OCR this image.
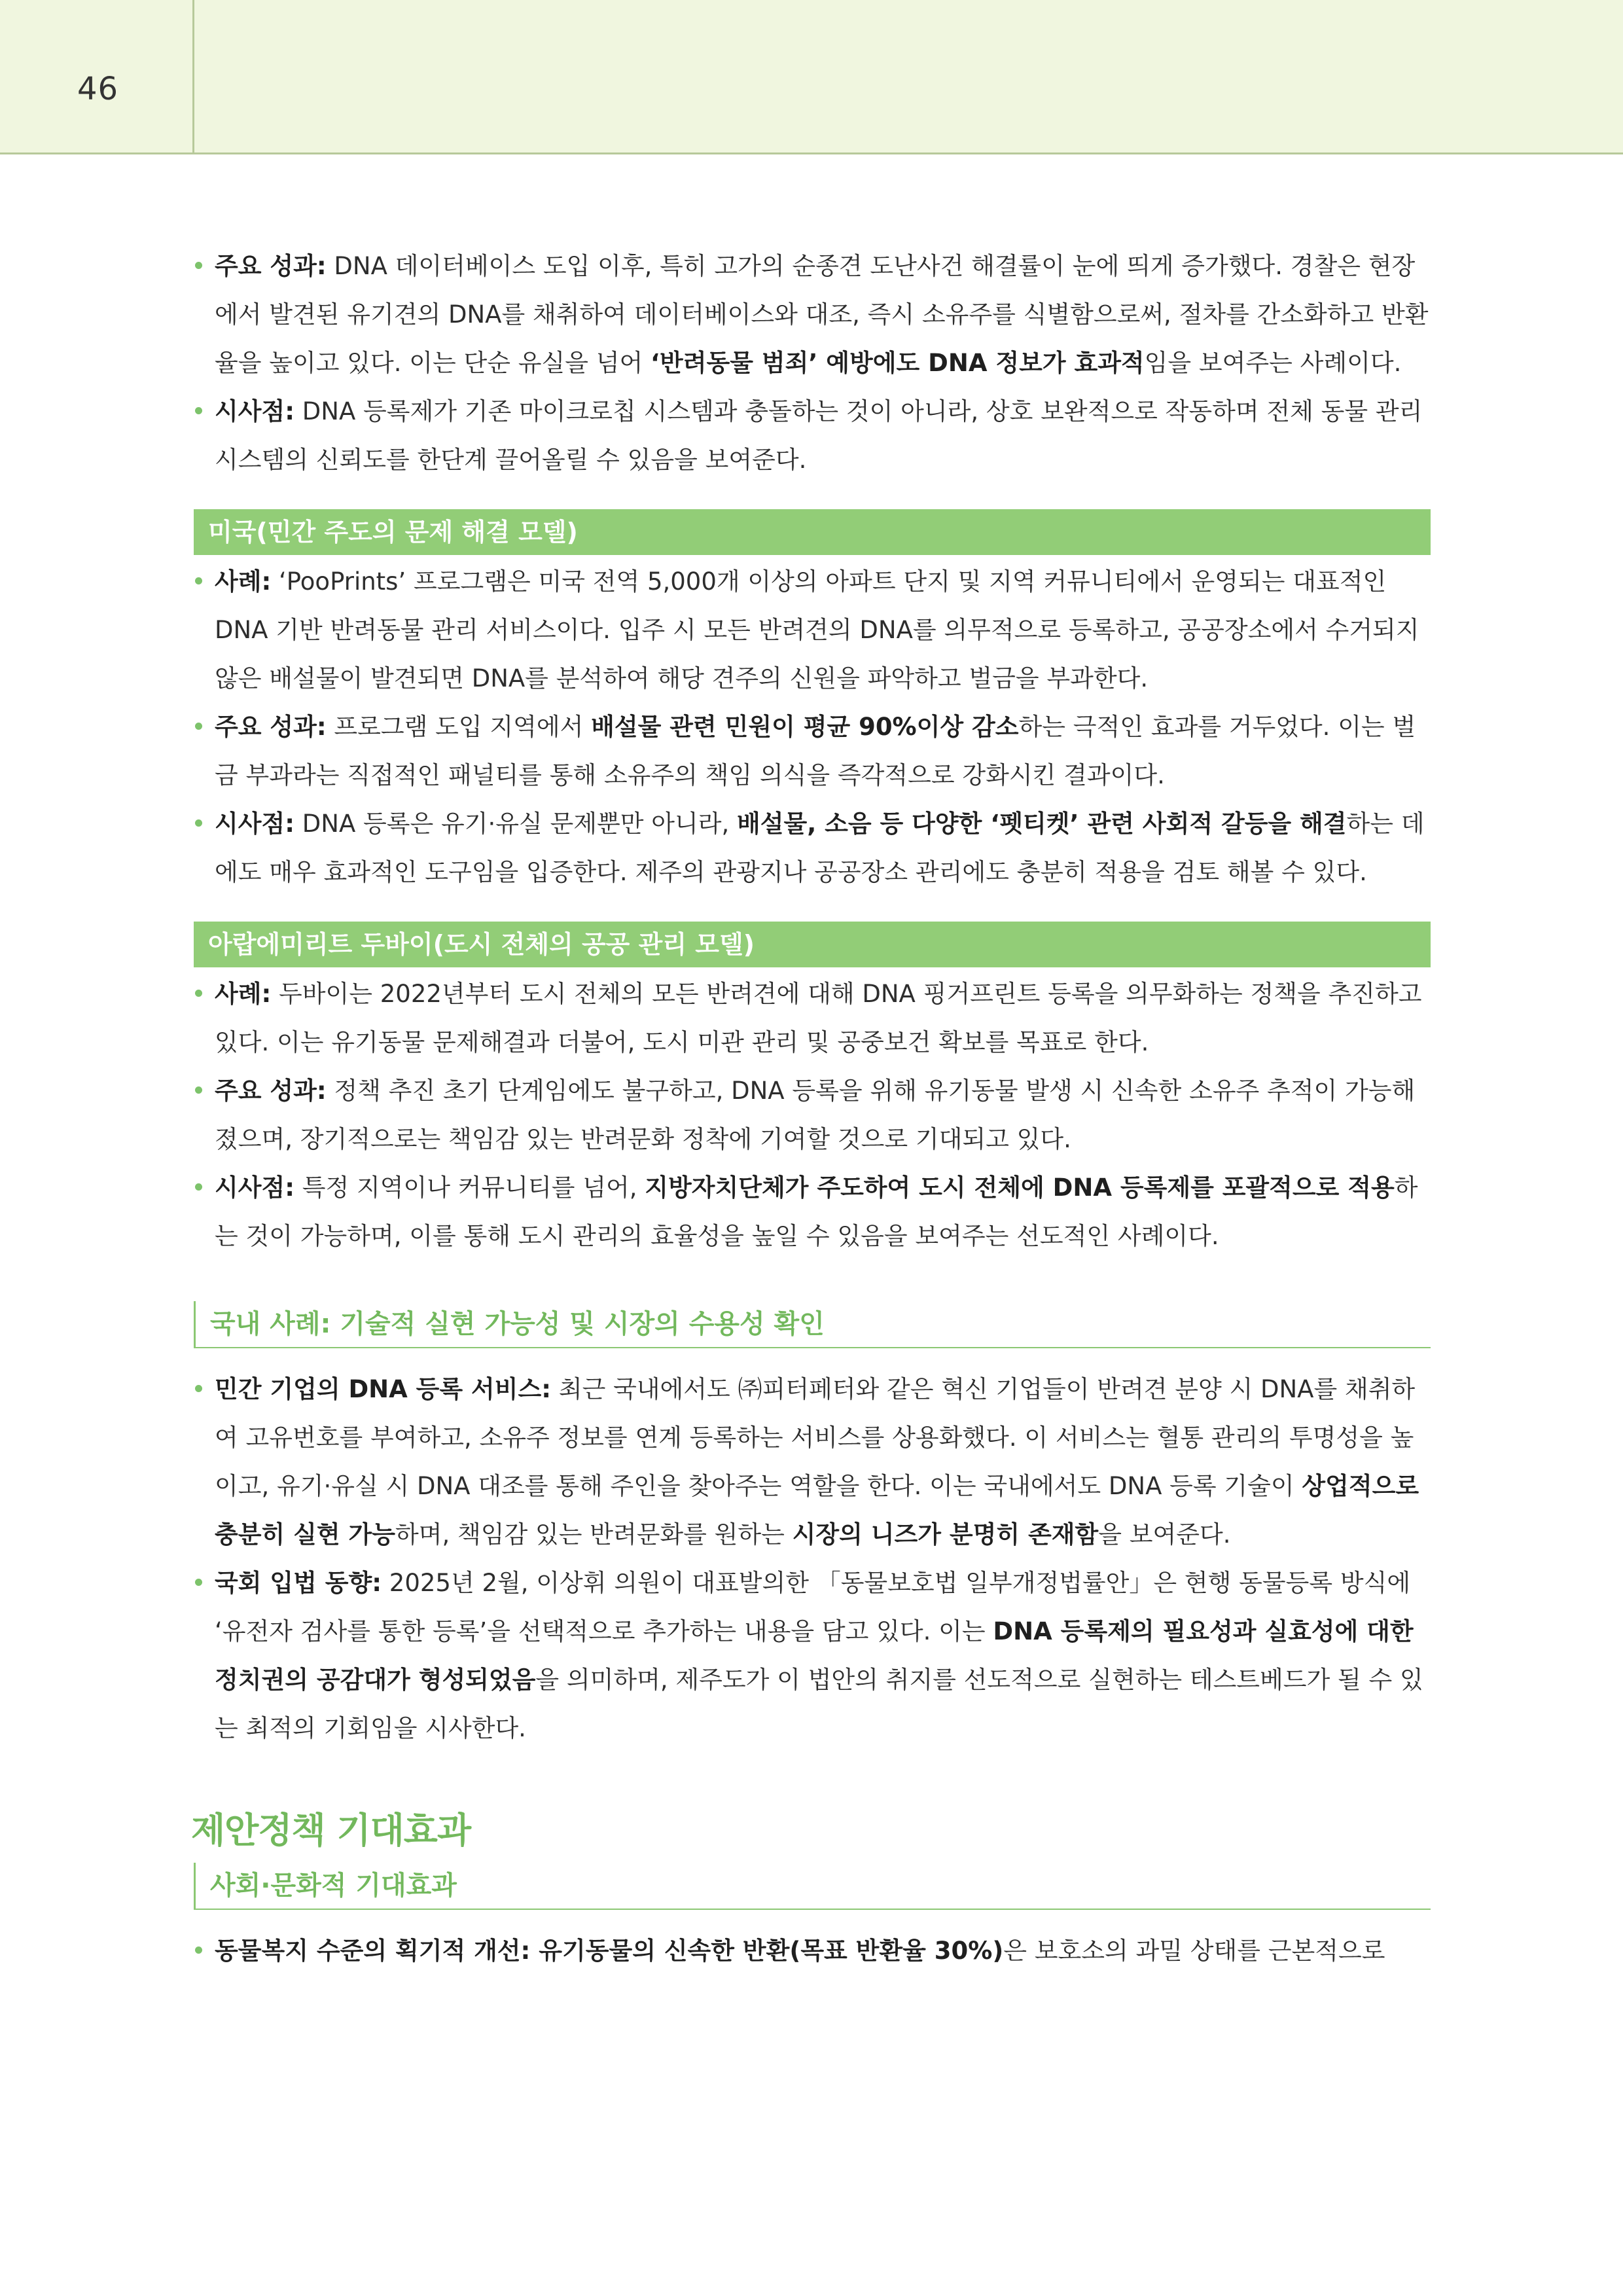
46
주요 성과: DNA 데이터베이스 도입 이후, 특히 고가의 순종견 도난사건 해결률이 눈에 띄게 증가했다. 경찰은 현장에서 발견된 유기견의 DNA를 채취하여 데이터베이스와 대조, 즉시 소유주를 식별함으로써, 절차를 간소화하고 반환율을 높이고 있다. 이는 단순 유실을 넘어 ‘반려동물 범죄’ 예방에도 DNA 정보가 효과적임을 보여주는 사례이다.
시사점: DNA 등록제가 기존 마이크로칩 시스템과 충돌하는 것이 아니라, 상호 보완적으로 작동하며 전체 동물 관리 시스템의 신뢰도를 한단계 끌어올릴 수 있음을 보여준다.
미국(민간 주도의 문제 해결 모델)
사례: ‘PooPrints’ 프로그램은 미국 전역 5,000개 이상의 아파트 단지 및 지역 커뮤니티에서 운영되는 대표적인 DNA 기반 반려동물 관리 서비스이다. 입주 시 모든 반려견의 DNA를 의무적으로 등록하고, 공공장소에서 수거되지 않은 배설물이 발견되면 DNA를 분석하여 해당 견주의 신원을 파악하고 벌금을 부과한다.
주요 성과: 프로그램 도입 지역에서 배설물 관련 민원이 평균 90%이상 감소하는 극적인 효과를 거두었다. 이는 벌금 부과라는 직접적인 패널티를 통해 소유주의 책임 의식을 즉각적으로 강화시킨 결과이다.
시사점: DNA 등록은 유기·유실 문제뿐만 아니라, 배설물, 소음 등 다양한 ‘펫티켓’ 관련 사회적 갈등을 해결하는 데에도 매우 효과적인 도구임을 입증한다. 제주의 관광지나 공공장소 관리에도 충분히 적용을 검토 해볼 수 있다.
아랍에미리트 두바이(도시 전체의 공공 관리 모델)
사례: 두바이는 2022년부터 도시 전체의 모든 반려견에 대해 DNA 핑거프린트 등록을 의무화하는 정책을 추진하고 있다. 이는 유기동물 문제해결과 더불어, 도시 미관 관리 및 공중보건 확보를 목표로 한다.
주요 성과: 정책 추진 초기 단계임에도 불구하고, DNA 등록을 위해 유기동물 발생 시 신속한 소유주 추적이 가능해졌으며, 장기적으로는 책임감 있는 반려문화 정착에 기여할 것으로 기대되고 있다.
시사점: 특정 지역이나 커뮤니티를 넘어, 지방자치단체가 주도하여 도시 전체에 DNA 등록제를 포괄적으로 적용하는 것이 가능하며, 이를 통해 도시 관리의 효율성을 높일 수 있음을 보여주는 선도적인 사례이다.
국내 사례: 기술적 실현 가능성 및 시장의 수용성 확인
민간 기업의 DNA 등록 서비스: 최근 국내에서도 ㈜피터페터와 같은 혁신 기업들이 반려견 분양 시 DNA를 채취하여 고유번호를 부여하고, 소유주 정보를 연계 등록하는 서비스를 상용화했다. 이 서비스는 혈통 관리의 투명성을 높이고, 유기·유실 시 DNA 대조를 통해 주인을 찾아주는 역할을 한다. 이는 국내에서도 DNA 등록 기술이 상업적으로 충분히 실현 가능하며, 책임감 있는 반려문화를 원하는 시장의 니즈가 분명히 존재함을 보여준다.
국회 입법 동향: 2025년 2월, 이상휘 의원이 대표발의한 「동물보호법 일부개정법률안」은 현행 동물등록 방식에 ‘유전자 검사를 통한 등록’을 선택적으로 추가하는 내용을 담고 있다. 이는 DNA 등록제의 필요성과 실효성에 대한 정치권의 공감대가 형성되었음을 의미하며, 제주도가 이 법안의 취지를 선도적으로 실현하는 테스트베드가 될 수 있는 최적의 기회임을 시사한다.
제안정책 기대효과
사회·문화적 기대효과
동물복지 수준의 획기적 개선: 유기동물의 신속한 반환(목표 반환율 30%)은 보호소의 과밀 상태를 근본적으로
